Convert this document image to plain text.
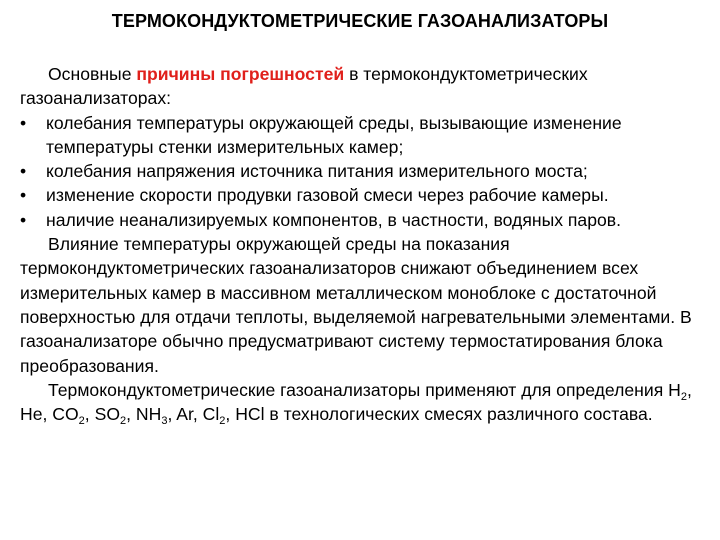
ТЕРМОКОНДУКТОМЕТРИЧЕСКИЕ ГАЗОАНАЛИЗАТОРЫ

Основные причины погрешностей в термокондуктометрических газоанализаторах:

• колебания температуры окружающей среды, вызывающие изменение температуры стенки измерительных камер;

• колебания напряжения источника питания измерительного моста;

• изменение скорости продувки газовой смеси через рабочие камеры.

• наличие неанализируемых компонентов, в частности, водяных паров.

Влияние температуры окружающей среды на показания термокондуктометрических газоанализаторов снижают объединением всех измерительных камер в массивном металлическом моноблоке с достаточной поверхностью для отдачи теплоты, выделяемой нагревательными элементами. В газоанализаторе обычно предусматривают систему термостатирования блока преобразования.

Термокондуктометрические газоанализаторы применяют для определения $H_2$, He, $CO_2$, $SO_2$, $NH_3$, Ar, $Cl_2$, HCl в технологических смесях различного состава.
